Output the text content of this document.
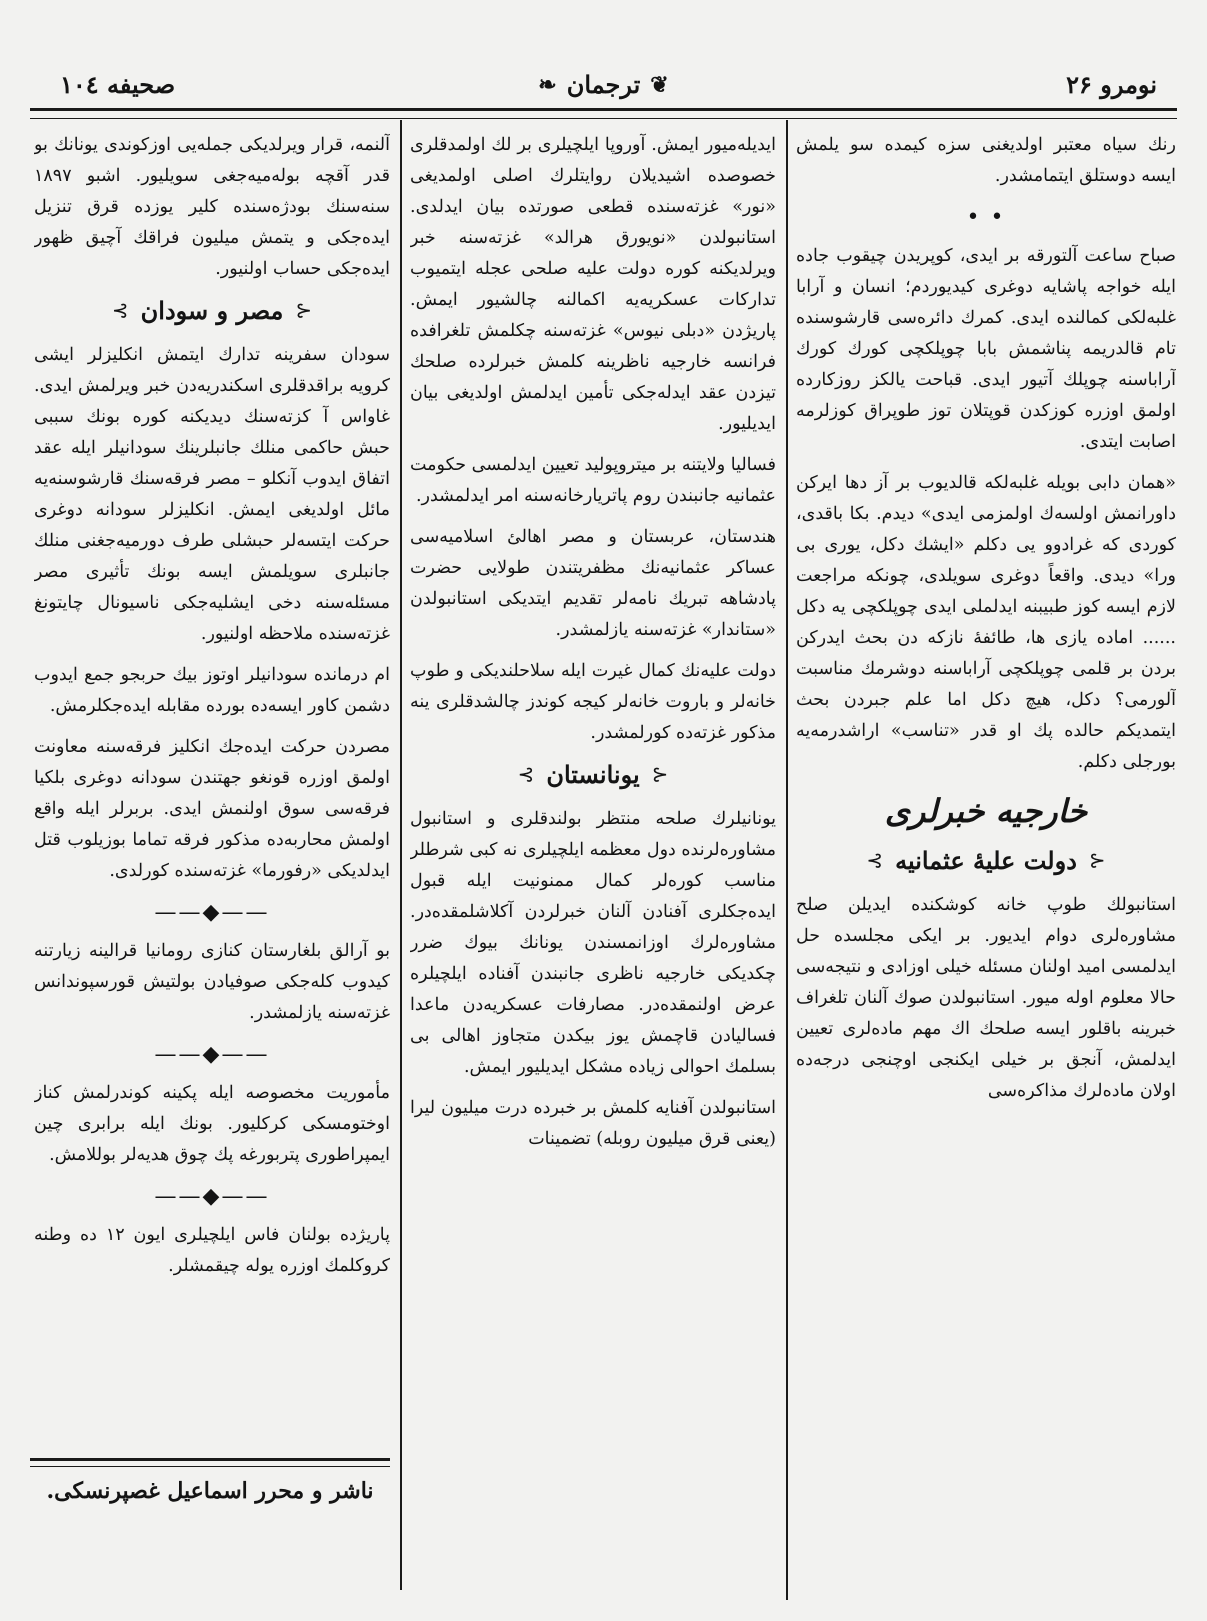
نومرو ۲۶
❦
ترجمان
❧
صحيفه ۱۰٤

رنك سياه معتبر اولديغنى سزه كيمده سو يلمش ايسه دوستلق ايتمامشدر.

• •

صباح ساعت آلتورقه بر ايدى، كوپريدن چيقوب جاده ايله خواجه پاشايه دوغرى كيديوردم؛ انسان و آرابا غلبه‌لكى كمالنده ايدى. كمرك دائره‌سى قارشوسنده تام قالدريمه پناشمش بابا چوپلكچى كورك كورك آراباسنه چوپلك آتيور ايدى. قباحت يالكز روزكارده اولمق اوزره كوزكدن قوپتلان توز طوپراق كوزلرمه اصابت ايتدى.

«همان دابى بويله غلبه‌لكه قالديوب بر آز دها ايركن داورانمش اولسه‌ك اولمزمى ايدى» ديدم. بكا باقدى، كوردى كه غرادوو يى دكلم «ايشك دكل، يورى بى ورا» ديدى. واقعاً دوغرى سويلدى، چونكه مراجعت لازم ايسه كوز طبيبنه ايدلملى ايدى چوپلكچى يه دكل ...... اماده يازى ها، طائفهٔ نازكه دن بحث ايدركن بردن بر قلمى چوپلكچى آراباسنه دوشرمك مناسبت آلورمى؟ دكل، هيچ دكل اما علم جبردن بحث ايتمديكم حالده پك او قدر «تناسب» اراشدرمه‌يه بورجلى دكلم.

خارجيه خبرلرى
⊰
دولت عليهٔ عثمانيه
⊱

استانبولك طوپ خانه كوشكنده ايديلن صلح مشاوره‌لرى دوام ايديور. بر ايكى مجلسده حل ايدلمسى اميد اولنان مسئله خيلى اوزادى و نتيجه‌سى حالا معلوم اوله ميور. استانبولدن صوك آلنان تلغراف خبرينه باقلور ايسه صلحك اك مهم ماده‌لرى تعيين ايدلمش، آنجق بر خيلى ايكنجى اوچنجى درجه‌ده اولان ماده‌لرك مذاكره‌سى

ايديله‌ميور ايمش. آوروپا ايلچيلرى بر لك اولمدقلرى خصوصده اشيديلان روايتلرك اصلى اولمديغى «نور» غزته‌سنده قطعى صورتده بيان ايدلدى. استانبولدن «نويورق هرالد» غزته‌سنه خبر ويرلديكنه كوره دولت عليه صلحى عجله ايتميوب تداركات عسكريه‌يه اكمالنه چالشيور ايمش. پاريژدن «دبلى نيوس» غزته‌سنه چكلمش تلغرافده فرانسه خارجيه ناظرينه كلمش خبرلرده صلحك تيزدن عقد ايدله‌جكى تأمين ايدلمش اولديغى بيان ايديليور.

فساليا ولايتنه بر ميتروپوليد تعيين ايدلمسى حكومت عثمانيه جانبندن روم پاتريارخانه‌سنه امر ايدلمشدر.

هندستان، عربستان و مصر اهالئ اسلاميه‌سى عساكر عثمانيه‌نك مظفريتندن طولايى حضرت پادشاهه تبريك نامه‌لر تقديم ايتديكى استانبولدن «ستاندار» غزته‌سنه يازلمشدر.

دولت عليه‌نك كمال غيرت ايله سلاحلنديكى و طوپ خانه‌لر و باروت خانه‌لر كيجه كوندز چالشدقلرى ينه مذكور غزته‌ده كورلمشدر.

⊰
يونانستان
⊱

يونانيلرك صلحه منتظر بولندقلرى و استانبول مشاوره‌لرنده دول معظمه ايلچيلرى نه كبى شرطلر مناسب كوره‌لر كمال ممنونيت ايله قبول ايده‌جكلرى آفنادن آلنان خبرلردن آكلاشلمقده‌در. مشاوره‌لرك اوزانمسندن يونانك بيوك ضرر چكديكى خارجيه ناظرى جانبندن آفناده ايلچيلره عرض اولنمقده‌در. مصارفات عسكريه‌دن ماعدا فساليادن قاچمش يوز بيكدن متجاوز اهالى بى بسلمك احوالى زياده مشكل ايديليور ايمش.

استانبولدن آفنايه كلمش بر خبرده درت ميليون ليرا (يعنى قرق ميليون روبله) تضمينات

آلنمه، قرار ويرلديكى جمله‌يى اوزكوندى يونانك بو قدر آقچه بوله‌ميه‌جغى سويليور. اشبو ۱۸۹۷ سنه‌سنك بودژه‌سنده كلير يوزده قرق تنزيل ايده‌جكى و يتمش ميليون فراقك آچيق ظهور ايده‌جكى حساب اولنيور.

⊰
مصر و سودان
⊱

سودان سفرينه تدارك ايتمش انكليزلر ايشى كرويه براقدقلرى اسكندريه‌دن خبر ويرلمش ايدى. غاواس آ كزته‌سنك ديديكنه كوره بونك سببى حبش حاكمى منلك جانبلرينك سودانيلر ايله عقد اتفاق ايدوب آنكلو – مصر فرقه‌سنك قارشوسنه‌يه مائل اولديغى ايمش. انكليزلر سودانه دوغرى حركت ايتسه‌لر حبشلى طرف دورميه‌جغنى منلك جانبلرى سويلمش ايسه بونك تأثيرى مصر مسئله‌سنه دخى ايشليه‌جكى ناسيونال چايتونغ غزته‌سنده ملاحظه اولنيور.

ام درمانده سودانيلر اوتوز بيك حربجو جمع ايدوب دشمن كاور ايسه‌ده بورده مقابله ايده‌جكلرمش.

مصردن حركت ايده‌جك انكليز فرقه‌سنه معاونت اولمق اوزره قونغو جهتندن سودانه دوغرى بلكيا فرقه‌سى سوق اولنمش ايدى. بربرلر ايله واقع اولمش محاربه‌ده مذكور فرقه تماما بوزيلوب قتل ايدلديكى «رفورما» غزته‌سنده كورلدى.

——◆——

بو آرالق بلغارستان كنازى رومانيا قرالينه زيارتنه كيدوب كله‌جكى صوفيادن بولتيش قورسپوندانس غزته‌سنه يازلمشدر.

——◆——

مأموريت مخصوصه ايله پكينه كوندرلمش كناز اوختومسكى كركليور. بونك ايله برابرى چين ايمپراطورى پتربورغه پك چوق هديه‌لر بوللامش.

——◆——

پاريژده بولنان فاس ايلچيلرى ايون ۱۲ ده وطنه كروكلمك اوزره يوله چيقمشلر.

ناشر و محرر اسماعيل غصپرنسكى.
